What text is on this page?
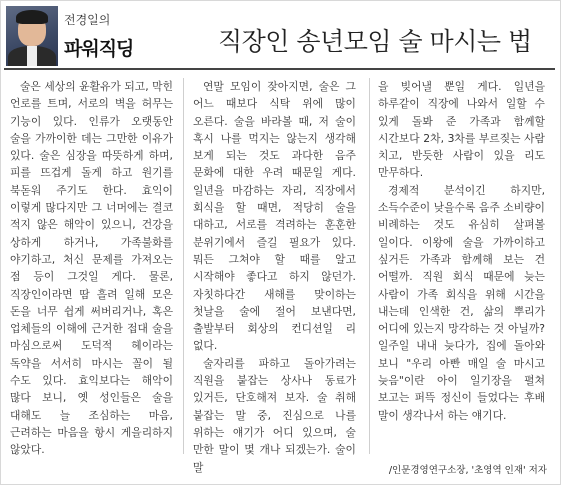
전경일의
파워직딩	직장인 송년모임 술 마시는 법

술은 세상의 윤활유가 되고, 막힌 언로를 트며, 서로의 벽을 허무는 기능이 있다. 인류가 오랫동안 술을 가까이한 데는 그만한 이유가 있다. 술은 심장을 따뜻하게 하며, 피를 뜨겁게 돌게 하고 원기를 북돋워 주기도 한다. 효익이 이렇게 많다지만 그 너머에는 결코 적지 않은 해악이 있으니, 건강을 상하게 하거나, 가족불화를 야기하고, 처신 문제를 가져오는 점 등이 그것일 게다. 물론, 직장인이라면 땀 흘려 일해 모은 돈을 너무 쉽게 써버리거나, 혹은 업체들의 이해에 근거한 접대 술을 마심으로써 도덕적 헤이라는 독약을 서서히 마시는 꼴이 될 수도 있다. 효익보다는 해악이 많다 보니, 옛 성인들은 술을 대해도 늘 조심하는 마음, 근려하는 마음을 항시 게을리하지 않았다.

연말 모임이 잦아지면, 술은 그 어느 때보다 식탁 위에 많이 오른다. 술을 바라볼 때, 저 술이 혹시 나를 먹지는 않는지 생각해 보게 되는 것도 과다한 음주 문화에 대한 우려 때문일 게다. 일년을 마감하는 자리, 직장에서 회식을 할 때면, 적당히 술을 대하고, 서로를 격려하는 훈훈한 분위기에서 즐길 필요가 있다. 뭐든 그쳐야 할 때를 알고 시작해야 좋다고 하지 않던가. 자칫하다간 새해를 맞이하는 첫날을 술에 절어 보낸다면, 출발부터 회상의 컨디션일 리 없다.

술자리를 파하고 돌아가려는 직원을 붙잡는 상사나 동료가 있거든, 단호해져 보자. 술 취해 붙잡는 말 중, 진심으로 나를 위하는 얘기가 어디 있으며, 술 만한 말이 몇 개나 되겠는가. 술이 말

을 빚어낼 뿐일 게다. 일년을 하루같이 직장에 나와서 일할 수 있게 돌봐 준 가족과 함께할 시간보다 2차, 3차를 부르짖는 사람 치고, 반듯한 사람이 있을 리도 만무하다.

경제적 분석이긴 하지만, 소득수준이 낮을수록 음주 소비량이 비례하는 것도 유심히 살펴볼 일이다. 이왕에 술을 가까이하고 싶거든 가족과 함께해 보는 건 어떨까. 직원 회식 때문에 늦는 사람이 가족 회식을 위해 시간을 내는데 인색한 건, 삶의 뿌리가 어디에 있는지 망각하는 것 아닐까? 일주일 내내 늦다가, 집에 돌아와 보니 "우리 아빤 매일 술 마시고 늦음"이란 아이 일기장을 펼쳐 보고는 퍼뜩 정신이 들었다는 후배 말이 생각나서 하는 얘기다.

/인문경영연구소장, '초영역 인재' 저자
